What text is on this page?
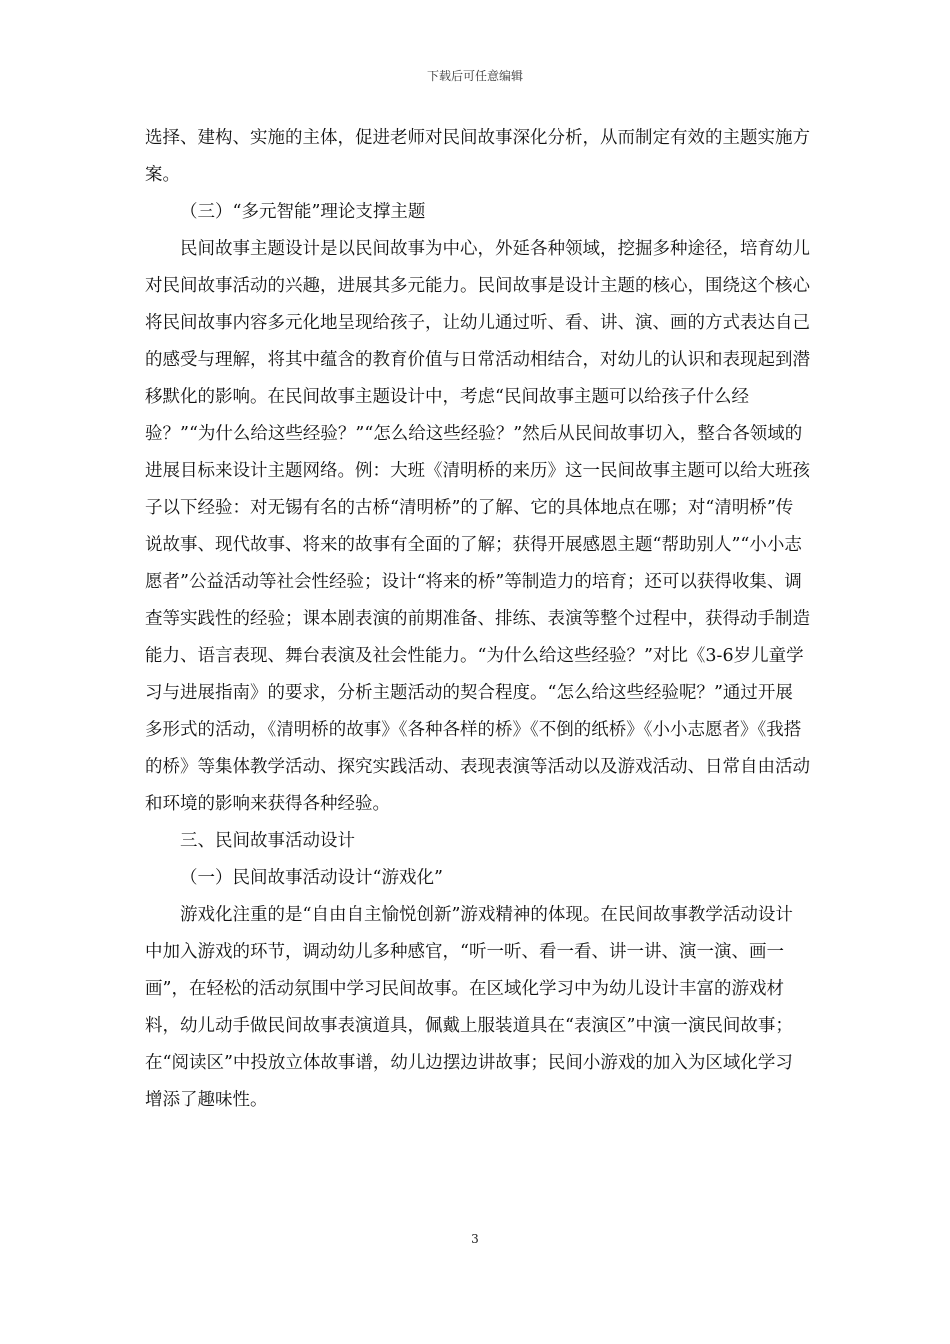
下载后可任意编辑

选择、建构、实施的主体，促进老师对民间故事深化分析，从而制定有效的主题实施方案。

（三）“多元智能”理论支撑主题

民间故事主题设计是以民间故事为中心，外延各种领域，挖掘多种途径，培育幼儿对民间故事活动的兴趣，进展其多元能力。民间故事是设计主题的核心，围绕这个核心将民间故事内容多元化地呈现给孩子，让幼儿通过听、看、讲、演、画的方式表达自己的感受与理解，将其中蕴含的教育价值与日常活动相结合，对幼儿的认识和表现起到潜移默化的影响。在民间故事主题设计中，考虑“民间故事主题可以给孩子什么经验？”“为什么给这些经验？”“怎么给这些经验？”然后从民间故事切入，整合各领域的进展目标来设计主题网络。例：大班《清明桥的来历》这一民间故事主题可以给大班孩子以下经验：对无锡有名的古桥“清明桥”的了解、它的具体地点在哪；对“清明桥”传说故事、现代故事、将来的故事有全面的了解；获得开展感恩主题“帮助别人”“小小志愿者”公益活动等社会性经验；设计“将来的桥”等制造力的培育；还可以获得收集、调查等实践性的经验；课本剧表演的前期准备、排练、表演等整个过程中，获得动手制造能力、语言表现、舞台表演及社会性能力。“为什么给这些经验？”对比《3-6岁儿童学习与进展指南》的要求，分析主题活动的契合程度。“怎么给这些经验呢？”通过开展多形式的活动，《清明桥的故事》《各种各样的桥》《不倒的纸桥》《小小志愿者》《我搭的桥》等集体教学活动、探究实践活动、表现表演等活动以及游戏活动、日常自由活动和环境的影响来获得各种经验。

三、民间故事活动设计

（一）民间故事活动设计“游戏化”

游戏化注重的是“自由自主愉悦创新”游戏精神的体现。在民间故事教学活动设计中加入游戏的环节，调动幼儿多种感官，“听一听、看一看、讲一讲、演一演、画一画”，在轻松的活动氛围中学习民间故事。在区域化学习中为幼儿设计丰富的游戏材料，幼儿动手做民间故事表演道具，佩戴上服装道具在“表演区”中演一演民间故事；在“阅读区”中投放立体故事谱，幼儿边摆边讲故事；民间小游戏的加入为区域化学习增添了趣味性。

3
